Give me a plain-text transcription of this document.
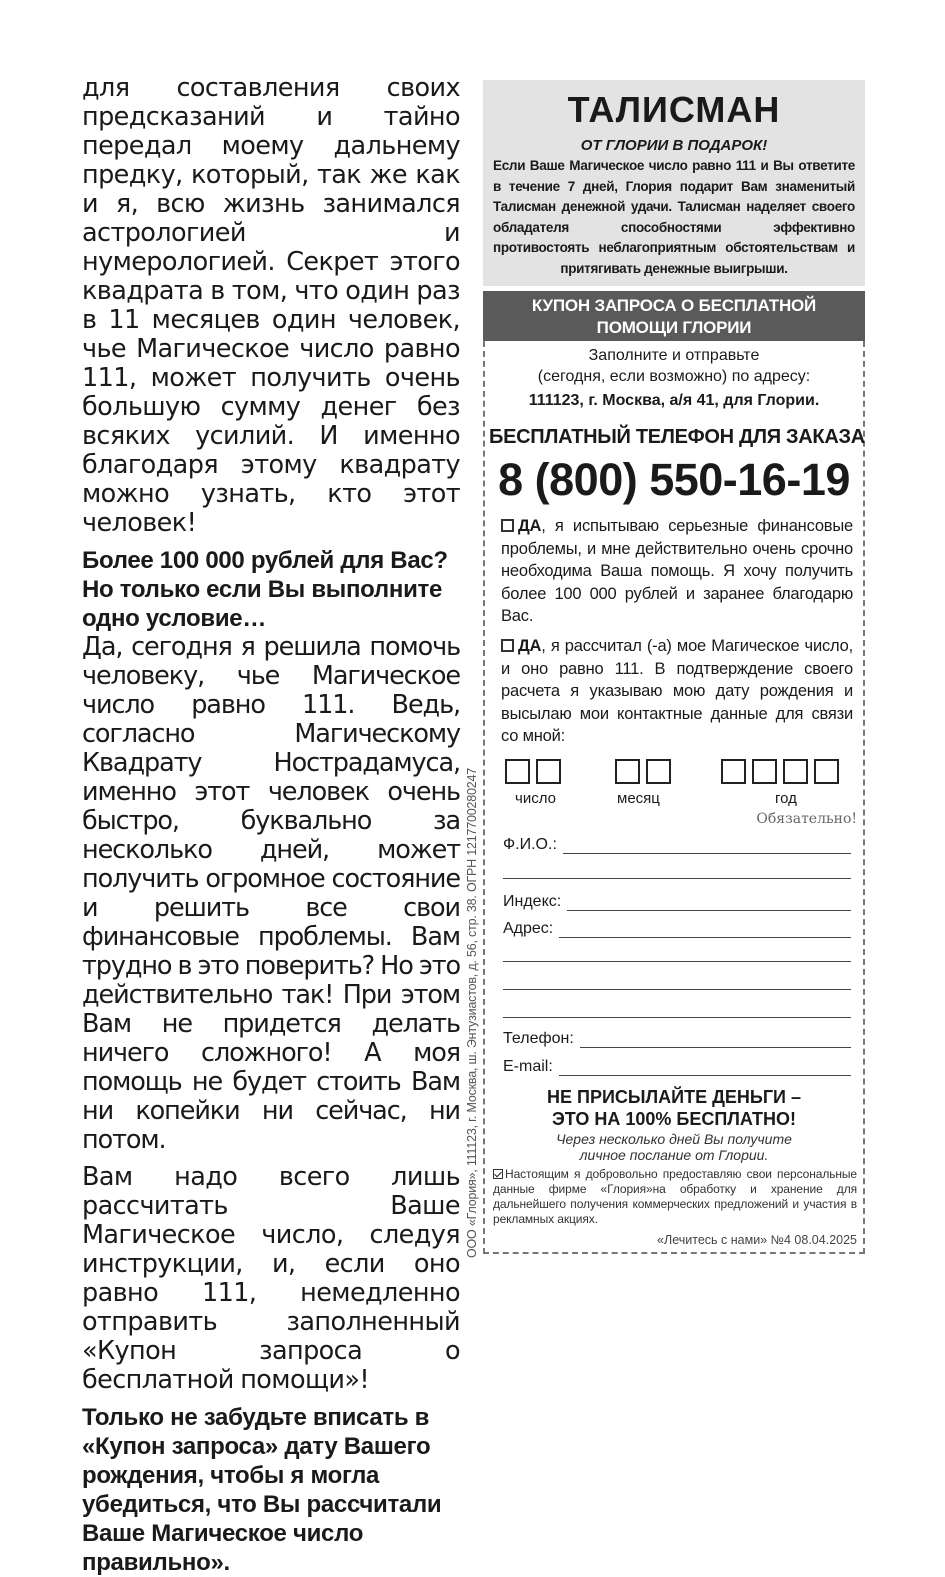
для составления своих предсказаний и тайно передал моему дальнему предку, который, так же как и я, всю жизнь занимался астрологией и нумерологией. Секрет этого квадрата в том, что один раз в 11 месяцев один человек, чье Магическое число равно 111, может получить очень большую сумму денег без всяких усилий. И именно благодаря этому квадрату можно узнать, кто этот человек!

Более 100 000 рублей для Вас? Но только если Вы выполните одно условие…

Да, сегодня я решила помочь человеку, чье Магическое число равно 111. Ведь, согласно Магическому Квадрату Нострадамуса, именно этот человек очень быстро, буквально за несколько дней, может получить огромное состояние и решить все свои финансовые проблемы. Вам трудно в это поверить? Но это действительно так! При этом Вам не придется делать ничего сложного! А моя помощь не будет стоить Вам ни копейки ни сейчас, ни потом.

Вам надо всего лишь рассчитать Ваше Магическое число, следуя инструкции, и, если оно равно 111, немедленно отправить заполненный «Купон запроса о бесплатной помощи»!

Только не забудьте вписать в «Купон запроса» дату Вашего рождения, чтобы я могла убедиться, что Вы рассчитали Ваше Магическое число правильно».

ООО «Глория», 111123, г. Москва, ш. Энтузиастов, д. 56, стр. 38. ОГРН 1217700280247

ТАЛИСМАН

ОТ ГЛОРИИ В ПОДАРОК!

Если Ваше Магическое число равно 111 и Вы ответите в течение 7 дней, Глория подарит Вам знаменитый Талисман денежной удачи. Талисман наделяет своего обладателя способностями эффективно противостоять неблагоприятным обстоятельствам и притягивать денежные выигрыши.

КУПОН ЗАПРОСА О БЕСПЛАТНОЙ
ПОМОЩИ ГЛОРИИ
Заполните и отправьте
(сегодня, если возможно) по адресу:
111123, г. Москва, а/я 41, для Глории.
БЕСПЛАТНЫЙ ТЕЛЕФОН ДЛЯ ЗАКАЗА
8 (800) 550-16-19
ДА, я испытываю серьезные финансовые проблемы, и мне действительно очень срочно необходима Ваша помощь. Я хочу получить более 100 000 рублей и заранее благодарю Вас.
ДА, я рассчитал (-а) мое Магическое число, и оно равно 111. В подтверждение своего расчета я указываю мою дату рождения и высылаю мои контактные данные для связи со мной:
число	месяц	год
Обязательно!
Ф.И.О.:
Индекс:
Адрес:
Телефон:
E-mail:
НЕ ПРИСЫЛАЙТЕ ДЕНЬГИ –
ЭТО НА 100% БЕСПЛАТНО!
Через несколько дней Вы получите
личное послание от Глории.
Настоящим я добровольно предоставляю свои персональные данные фирме «Глория»на обработку и хранение для дальнейшего получения коммерческих предложений и участия в рекламных акциях.
«Лечитесь с нами» №4 08.04.2025
